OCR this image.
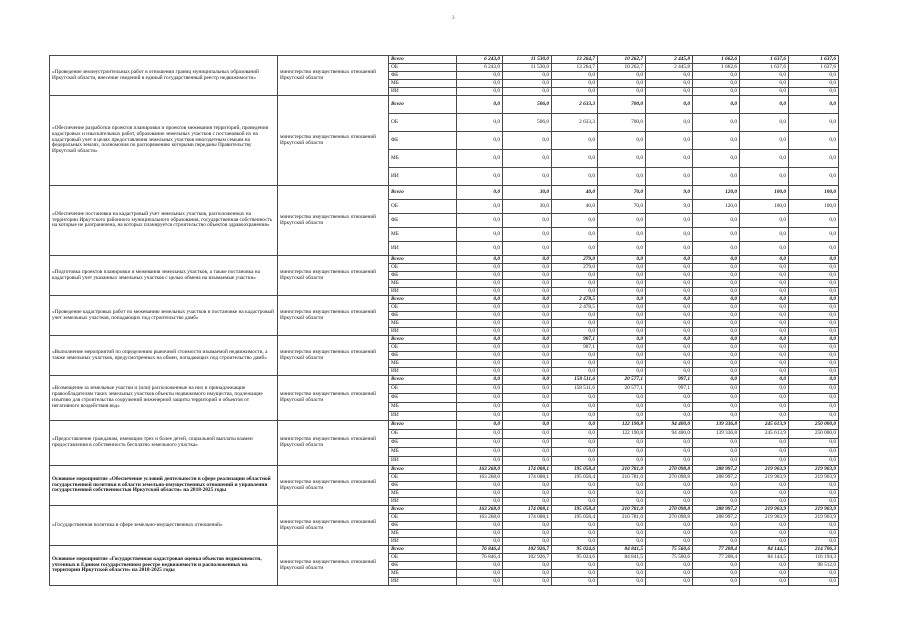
3
«Проведение землеустроительных работ в отношении границ муниципальных образований Иркутской области, внесение сведений в единый государственный реестр недвижимости»	министерство имущественных отношений Иркутской области	Всего	6 243,0	11 530,0	13 264,7	10 262,7	2 445,8	1 662,6	1 637,6	1 637,6
		ОБ	6 243,0	11 530,0	13 264,7	10 262,7	2 445,8	1 662,6	1 637,6	1 637,6
		ФБ	0,0	0,0	0,0	0,0	0,0	0,0	0,0	0,0
		МБ	0,0	0,0	0,0	0,0	0,0	0,0	0,0	0,0
		ИИ	0,0	0,0	0,0	0,0	0,0	0,0	0,0	0,0
«Обеспечение разработки проектов планировки и проектов межевания территорий, проведения кадастровых и изыскательных работ, образование земельных участков с постановкой их на кадастровый учет в целях предоставления земельных участков многодетным семьям на федеральных землях, полномочия по распоряжению которыми переданы Правительству Иркутской области»	министерство имущественных отношений Иркутской области	Всего	0,0	506,0	2 633,3	700,0	0,0	0,0	0,0	0,0
		ОБ	0,0	506,0	2 633,3	700,0	0,0	0,0	0,0	0,0
		ФБ	0,0	0,0	0,0	0,0	0,0	0,0	0,0	0,0
		МБ	0,0	0,0	0,0	0,0	0,0	0,0	0,0	0,0
		ИИ	0,0	0,0	0,0	0,0	0,0	0,0	0,0	0,0
«Обеспечение постановки на кадастровый учет земельных участков, расположенных на территории Иркутского районного муниципального образования, государственная собственность на которые не разграничена, на которых планируется строительство объектов здравоохранения»	министерство имущественных отношений Иркутской области	Всего	0,0	30,0	40,0	70,0	9,0	120,0	100,0	100,0
		ОБ	0,0	30,0	40,0	70,0	9,0	120,0	100,0	100,0
		ФБ	0,0	0,0	0,0	0,0	0,0	0,0	0,0	0,0
		МБ	0,0	0,0	0,0	0,0	0,0	0,0	0,0	0,0
		ИИ	0,0	0,0	0,0	0,0	0,0	0,0	0,0	0,0
«Подготовка проектов планировки и межевания земельных участков, а также постановка на кадастровый учет указанных земельных участков с целью обмена на изымаемые участки»	министерство имущественных отношений Иркутской области	Всего	0,0	0,0	279,0	0,0	0,0	0,0	0,0	0,0
		ОБ	0,0	0,0	279,0	0,0	0,0	0,0	0,0	0,0
		ФБ	0,0	0,0	0,0	0,0	0,0	0,0	0,0	0,0
		МБ	0,0	0,0	0,0	0,0	0,0	0,0	0,0	0,0
		ИИ	0,0	0,0	0,0	0,0	0,0	0,0	0,0	0,0
«Проведение кадастровых работ по межеванию земельных участков и постановке на кадастровый учет земельных участков, попадающих под строительство дамб»	министерство имущественных отношений Иркутской области	Всего	0,0	0,0	2 478,5	0,0	0,0	0,0	0,0	0,0
		ОБ	0,0	0,0	2 478,5	0,0	0,0	0,0	0,0	0,0
		ФБ	0,0	0,0	0,0	0,0	0,0	0,0	0,0	0,0
		МБ	0,0	0,0	0,0	0,0	0,0	0,0	0,0	0,0
		ИИ	0,0	0,0	0,0	0,0	0,0	0,0	0,0	0,0
«Выполнение мероприятий по определению рыночной стоимости изымаемой недвижимости, а также земельных участков, предусмотренных на обмен, попадающих под строительство дамб»	министерство имущественных отношений Иркутской области	Всего	0,0	0,0	907,1	0,0	0,0	0,0	0,0	0,0
		ОБ	0,0	0,0	907,1	0,0	0,0	0,0	0,0	0,0
		ФБ	0,0	0,0	0,0	0,0	0,0	0,0	0,0	0,0
		МБ	0,0	0,0	0,0	0,0	0,0	0,0	0,0	0,0
		ИИ	0,0	0,0	0,0	0,0	0,0	0,0	0,0	0,0
«Возмещение за земельные участки и (или) расположенные на них и принадлежащие правообладателям таких земельных участков объекты недвижимого имущества, подлежащие изъятию для строительства сооружений инженерной защиты территорий и объектов от негативного воздействия вод»	министерство имущественных отношений Иркутской области	Всего	0,0	0,0	158 511,6	20 577,1	997,1	0,0	0,0	0,0
		ОБ	0,0	0,0	158 511,6	20 577,1	997,1	0,0	0,0	0,0
		ФБ	0,0	0,0	0,0	0,0	0,0	0,0	0,0	0,0
		МБ	0,0	0,0	0,0	0,0	0,0	0,0	0,0	0,0
		ИИ	0,0	0,0	0,0	0,0	0,0	0,0	0,0	0,0
«Предоставление гражданам, имеющим трех и более детей, социальной выплаты взамен предоставления в собственность бесплатно земельного участка»	министерство имущественных отношений Иркутской области	Всего	0,0	0,0	0,0	122 190,8	94 400,0	139 336,8	245 613,9	250 000,0
		ОБ	0,0	0,0	0,0	122 190,8	94 400,0	139 336,8	245 613,9	250 000,0
		ФБ	0,0	0,0	0,0	0,0	0,0	0,0	0,0	0,0
		МБ	0,0	0,0	0,0	0,0	0,0	0,0	0,0	0,0
		ИИ	0,0	0,0	0,0	0,0	0,0	0,0	0,0	0,0
Основное мероприятие «Обеспечение условий деятельности в сфере реализации областной государственной политики в области земельно-имущественных отношений и управления государственной собственностью Иркутской области» на 2018-2025 годы	министерство имущественных отношений Иркутской области	Всего	163 268,0	174 008,1	195 058,4	210 781,0	270 098,8	288 997,2	219 903,9	219 903,9
		ОБ	163 268,0	174 008,1	195 058,4	210 781,0	270 098,8	288 997,2	219 903,9	219 903,9
		ФБ	0,0	0,0	0,0	0,0	0,0	0,0	0,0	0,0
		МБ	0,0	0,0	0,0	0,0	0,0	0,0	0,0	0,0
		ИИ	0,0	0,0	0,0	0,0	0,0	0,0	0,0	0,0
«Государственная политика в сфере земельно-имущественных отношений»	министерство имущественных отношений Иркутской области	Всего	163 268,0	174 008,1	195 058,4	210 781,0	270 098,8	288 997,2	219 903,9	219 903,9
		ОБ	163 268,0	174 008,1	195 058,4	210 781,0	270 098,8	288 997,2	219 903,9	219 903,9
		ФБ	0,0	0,0	0,0	0,0	0,0	0,0	0,0	0,0
		МБ	0,0	0,0	0,0	0,0	0,0	0,0	0,0	0,0
		ИИ	0,0	0,0	0,0	0,0	0,0	0,0	0,0	0,0
Основное мероприятие «Государственная кадастровая оценка объектов недвижимости, учтенных в Едином государственном реестре недвижимости и расположенных на территории Иркутской области» на 2018-2025 годы	министерство имущественных отношений Иркутской области	Всего	76 846,4	102 926,7	95 024,6	84 841,5	75 560,6	77 208,4	84 144,5	214 706,3
		ОБ	76 846,4	102 926,7	95 024,6	84 841,5	75 560,6	77 208,4	84 144,5	116 194,3
		ФБ	0,0	0,0	0,0	0,0	0,0	0,0	0,0	98 512,0
		МБ	0,0	0,0	0,0	0,0	0,0	0,0	0,0	0,0
		ИИ	0,0	0,0	0,0	0,0	0,0	0,0	0,0	0,0
